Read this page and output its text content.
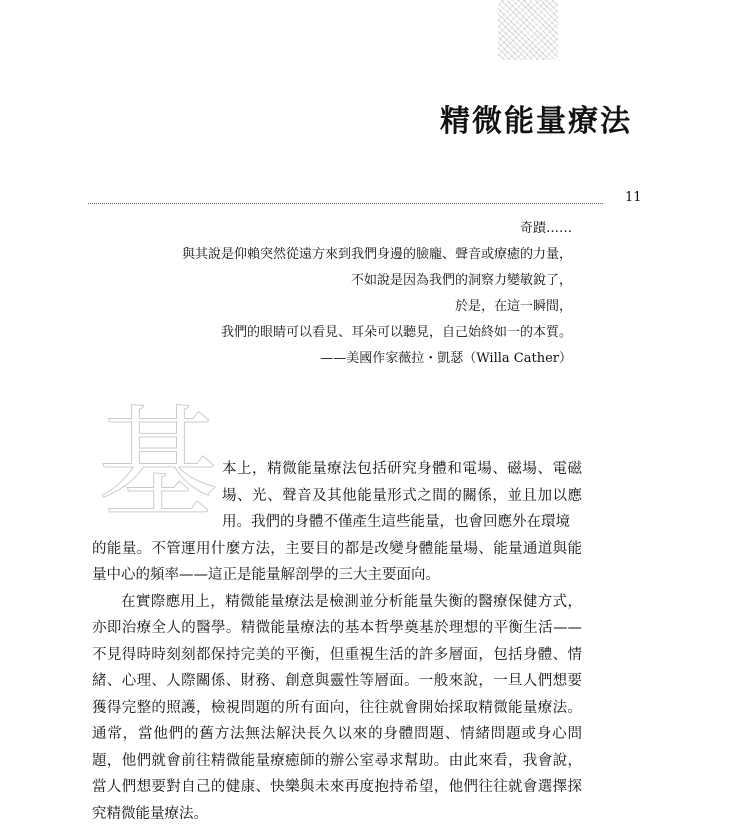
精微能量療法
11
奇蹟……
與其說是仰賴突然從遠方來到我們身邊的臉龐、聲音或療癒的力量，
不如說是因為我們的洞察力變敏銳了，
於是，在這一瞬間，
我們的眼睛可以看見、耳朵可以聽見，自己始終如一的本質。
——美國作家薇拉・凱瑟（Willa Cather）
基 本上，精微能量療法包括研究身體和電場、磁場、電磁場、光、聲音及其他能量形式之間的關係，並且加以應用。我們的身體不僅產生這些能量，也會回應外在環境
的能量。不管運用什麼方法，主要目的都是改變身體能量場、能量通道與能量中心的頻率——這正是能量解剖學的三大主要面向。

在實際應用上，精微能量療法是檢測並分析能量失衡的醫療保健方式，亦即治療全人的醫學。精微能量療法的基本哲學奠基於理想的平衡生活——不見得時時刻刻都保持完美的平衡，但重視生活的許多層面，包括身體、情緒、心理、人際關係、財務、創意與靈性等層面。一般來說，一旦人們想要獲得完整的照護，檢視問題的所有面向，往往就會開始採取精微能量療法。通常，當他們的舊方法無法解決長久以來的身體問題、情緒問題或身心問題，他們就會前往精微能量療癒師的辦公室尋求幫助。由此來看，我會說，當人們想要對自己的健康、快樂與未來再度抱持希望，他們往往就會選擇探究精微能量療法。
